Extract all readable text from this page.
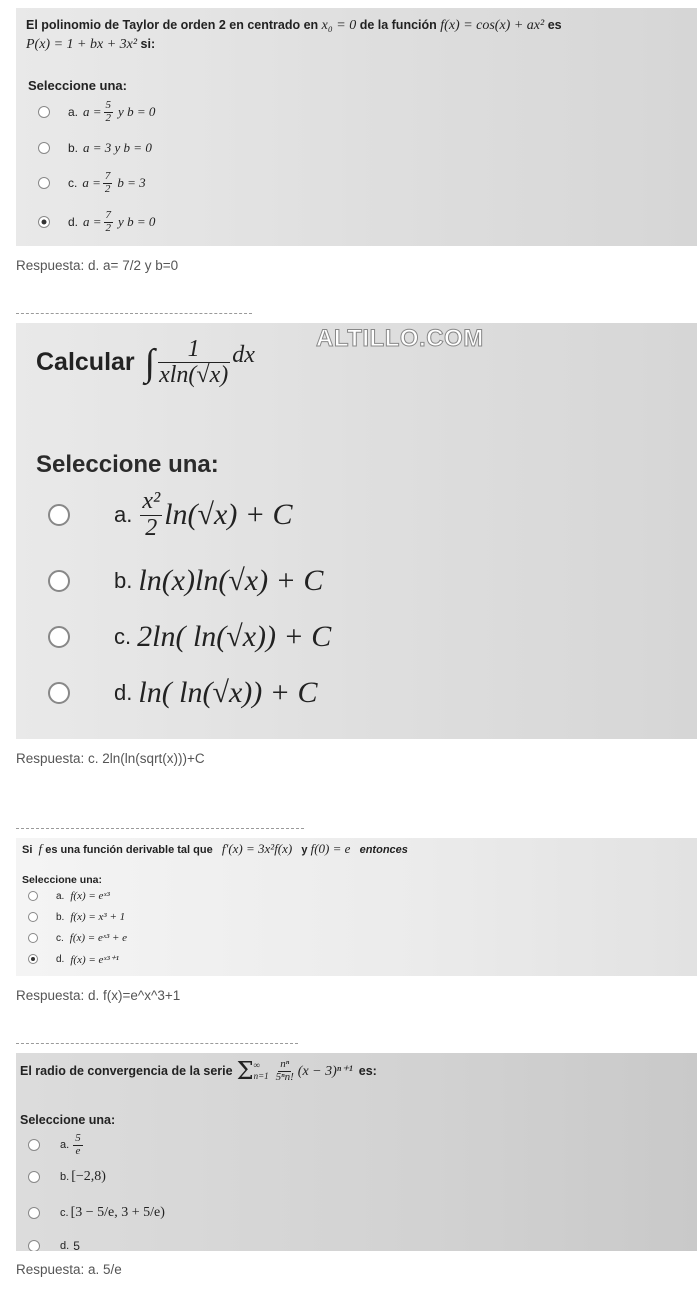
El polinomio de Taylor de orden 2 en centrado en x₀ = 0 de la función f(x) = cos(x) + ax² es
P(x) = 1 + bx + 3x² si:
Seleccione una:
a. $a = \frac{5}{2}$ y b = 0
b. a = 3 y b = 0
c. $a = \frac{7}{2}$ b = 3
d. $a = \frac{7}{2}$ y b = 0
Respuesta: d. a= 7/2 y b=0
Calcular ∫ $\frac{1}{xln(√x)}$ dx
Seleccione una:
a. $\frac{\text{x²}}{2} \ln(√x) + C$
b. ln(x)ln(√x) + C
c. 2ln( ln(√x)) + C
d. ln( ln(√x)) + C
ALTILLO.COM
Respuesta: c. 2ln(ln(sqrt(x)))+C
Si f es una función derivable tal que f′(x) = 3x²f(x) y f(0) = e entonces
Seleccione una:
a. f(x) = eˣ³
b. f(x) = x³ + 1
c. f(x) = eˣ³ + e
d. f(x) = eˣ³⁺¹
Respuesta: d. f(x)=e^x^3+1
El radio de convergencia de la serie Σ ∞
$n=1 \frac{\text{nⁿ}}{\text{5ⁿn!}} (x - 3)^{n+1}$ es:
Seleccione una:
a. $\frac{5}{e}$
b. [−2,8)
c. [3 − 5/e, 3 + 5/e)
d. 5
Respuesta: a. 5/e
